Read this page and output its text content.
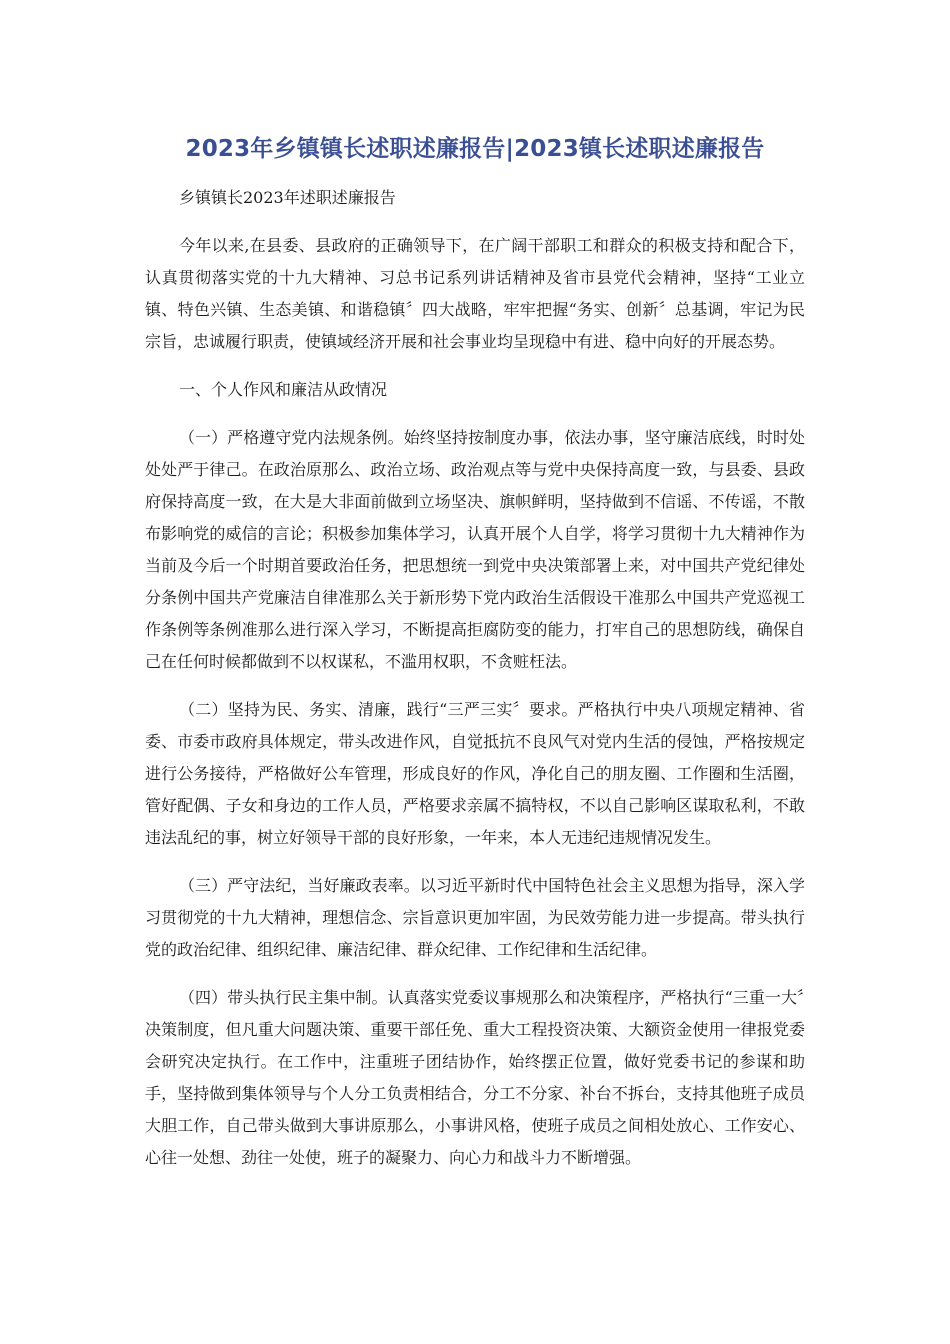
2023年乡镇镇长述职述廉报告|2023镇长述职述廉报告

乡镇镇长2023年述职述廉报告

今年以来,在县委、县政府的正确领导下，在广阔干部职工和群众的积极支持和配合下，认真贯彻落实党的十九大精神、习总书记系列讲话精神及省市县党代会精神，坚持“工业立镇、特色兴镇、生态美镇、和谐稳镇〞四大战略，牢牢把握“务实、创新〞总基调，牢记为民宗旨，忠诚履行职责，使镇域经济开展和社会事业均呈现稳中有进、稳中向好的开展态势。

一、个人作风和廉洁从政情况

（一）严格遵守党内法规条例。始终坚持按制度办事，依法办事，坚守廉洁底线，时时处处处严于律己。在政治原那么、政治立场、政治观点等与党中央保持高度一致，与县委、县政府保持高度一致，在大是大非面前做到立场坚决、旗帜鲜明，坚持做到不信谣、不传谣，不散布影响党的威信的言论；积极参加集体学习，认真开展个人自学，将学习贯彻十九大精神作为当前及今后一个时期首要政治任务，把思想统一到党中央决策部署上来，对中国共产党纪律处分条例中国共产党廉洁自律准那么关于新形势下党内政治生活假设干准那么中国共产党巡视工作条例等条例准那么进行深入学习，不断提高拒腐防变的能力，打牢自己的思想防线，确保自己在任何时候都做到不以权谋私，不滥用权职，不贪赃枉法。

（二）坚持为民、务实、清廉，践行“三严三实〞要求。严格执行中央八项规定精神、省委、市委市政府具体规定，带头改进作风，自觉抵抗不良风气对党内生活的侵蚀，严格按规定进行公务接待，严格做好公车管理，形成良好的作风，净化自己的朋友圈、工作圈和生活圈，管好配偶、子女和身边的工作人员，严格要求亲属不搞特权，不以自己影响区谋取私利，不敢违法乱纪的事，树立好领导干部的良好形象，一年来，本人无违纪违规情况发生。

（三）严守法纪，当好廉政表率。以习近平新时代中国特色社会主义思想为指导，深入学习贯彻党的十九大精神，理想信念、宗旨意识更加牢固，为民效劳能力进一步提高。带头执行党的政治纪律、组织纪律、廉洁纪律、群众纪律、工作纪律和生活纪律。

（四）带头执行民主集中制。认真落实党委议事规那么和决策程序，严格执行“三重一大〞决策制度，但凡重大问题决策、重要干部任免、重大工程投资决策、大额资金使用一律报党委会研究决定执行。在工作中，注重班子团结协作，始终摆正位置，做好党委书记的参谋和助手，坚持做到集体领导与个人分工负责相结合，分工不分家、补台不拆台，支持其他班子成员大胆工作，自己带头做到大事讲原那么，小事讲风格，使班子成员之间相处放心、工作安心、心往一处想、劲往一处使，班子的凝聚力、向心力和战斗力不断增强。
